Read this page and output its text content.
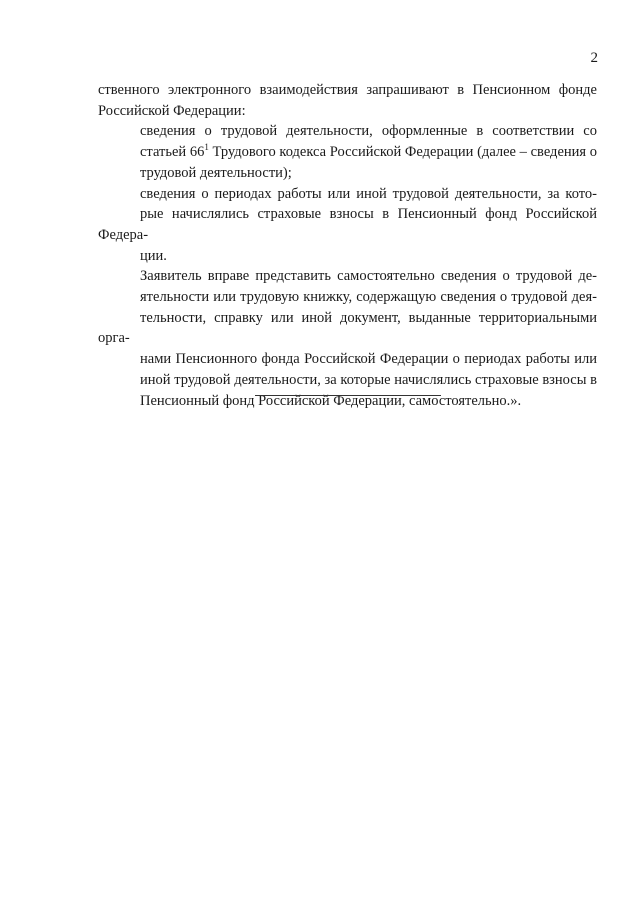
2

ственного электронного взаимодействия запрашивают в Пенсионном фонде
Российской Федерации:

сведения о трудовой деятельности, оформленные в соответствии со
статьей $66^1$ Трудового кодекса Российской Федерации (далее – сведения о
трудовой деятельности);

сведения о периодах работы или иной трудовой деятельности, за кото-
рые начислялись страховые взносы в Пенсионный фонд Российской Федера-
ции.

Заявитель вправе представить самостоятельно сведения о трудовой де-
ятельности или трудовую книжку, содержащую сведения о трудовой дея-
тельности, справку или иной документ, выданные территориальными орга-
нами Пенсионного фонда Российской Федерации о периодах работы или
иной трудовой деятельности, за которые начислялись страховые взносы в
Пенсионный фонд Российской Федерации, самостоятельно.».
